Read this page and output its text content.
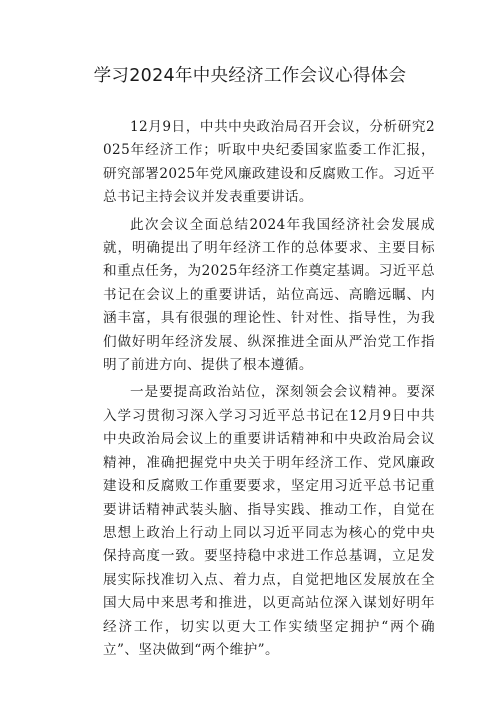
学习2024年中央经济工作会议心得体会

12月9日，中共中央政治局召开会议，分析研究2025年经济工作；听取中央纪委国家监委工作汇报，研究部署2025年党风廉政建设和反腐败工作。习近平总书记主持会议并发表重要讲话。

此次会议全面总结2024年我国经济社会发展成就，明确提出了明年经济工作的总体要求、主要目标和重点任务，为2025年经济工作奠定基调。习近平总书记在会议上的重要讲话，站位高远、高瞻远瞩、内涵丰富，具有很强的理论性、针对性、指导性，为我们做好明年经济发展、纵深推进全面从严治党工作指明了前进方向、提供了根本遵循。

一是要提高政治站位，深刻领会会议精神。要深入学习贯彻习深入学习习近平总书记在12月9日中共中央政治局会议上的重要讲话精神和中央政治局会议精神，准确把握党中央关于明年经济工作、党风廉政建设和反腐败工作重要要求，坚定用习近平总书记重要讲话精神武装头脑、指导实践、推动工作，自觉在思想上政治上行动上同以习近平同志为核心的党中央保持高度一致。要坚持稳中求进工作总基调，立足发展实际找准切入点、着力点，自觉把地区发展放在全国大局中来思考和推进，以更高站位深入谋划好明年经济工作，切实以更大工作实绩坚定拥护“两个确立”、坚决做到“两个维护”。
